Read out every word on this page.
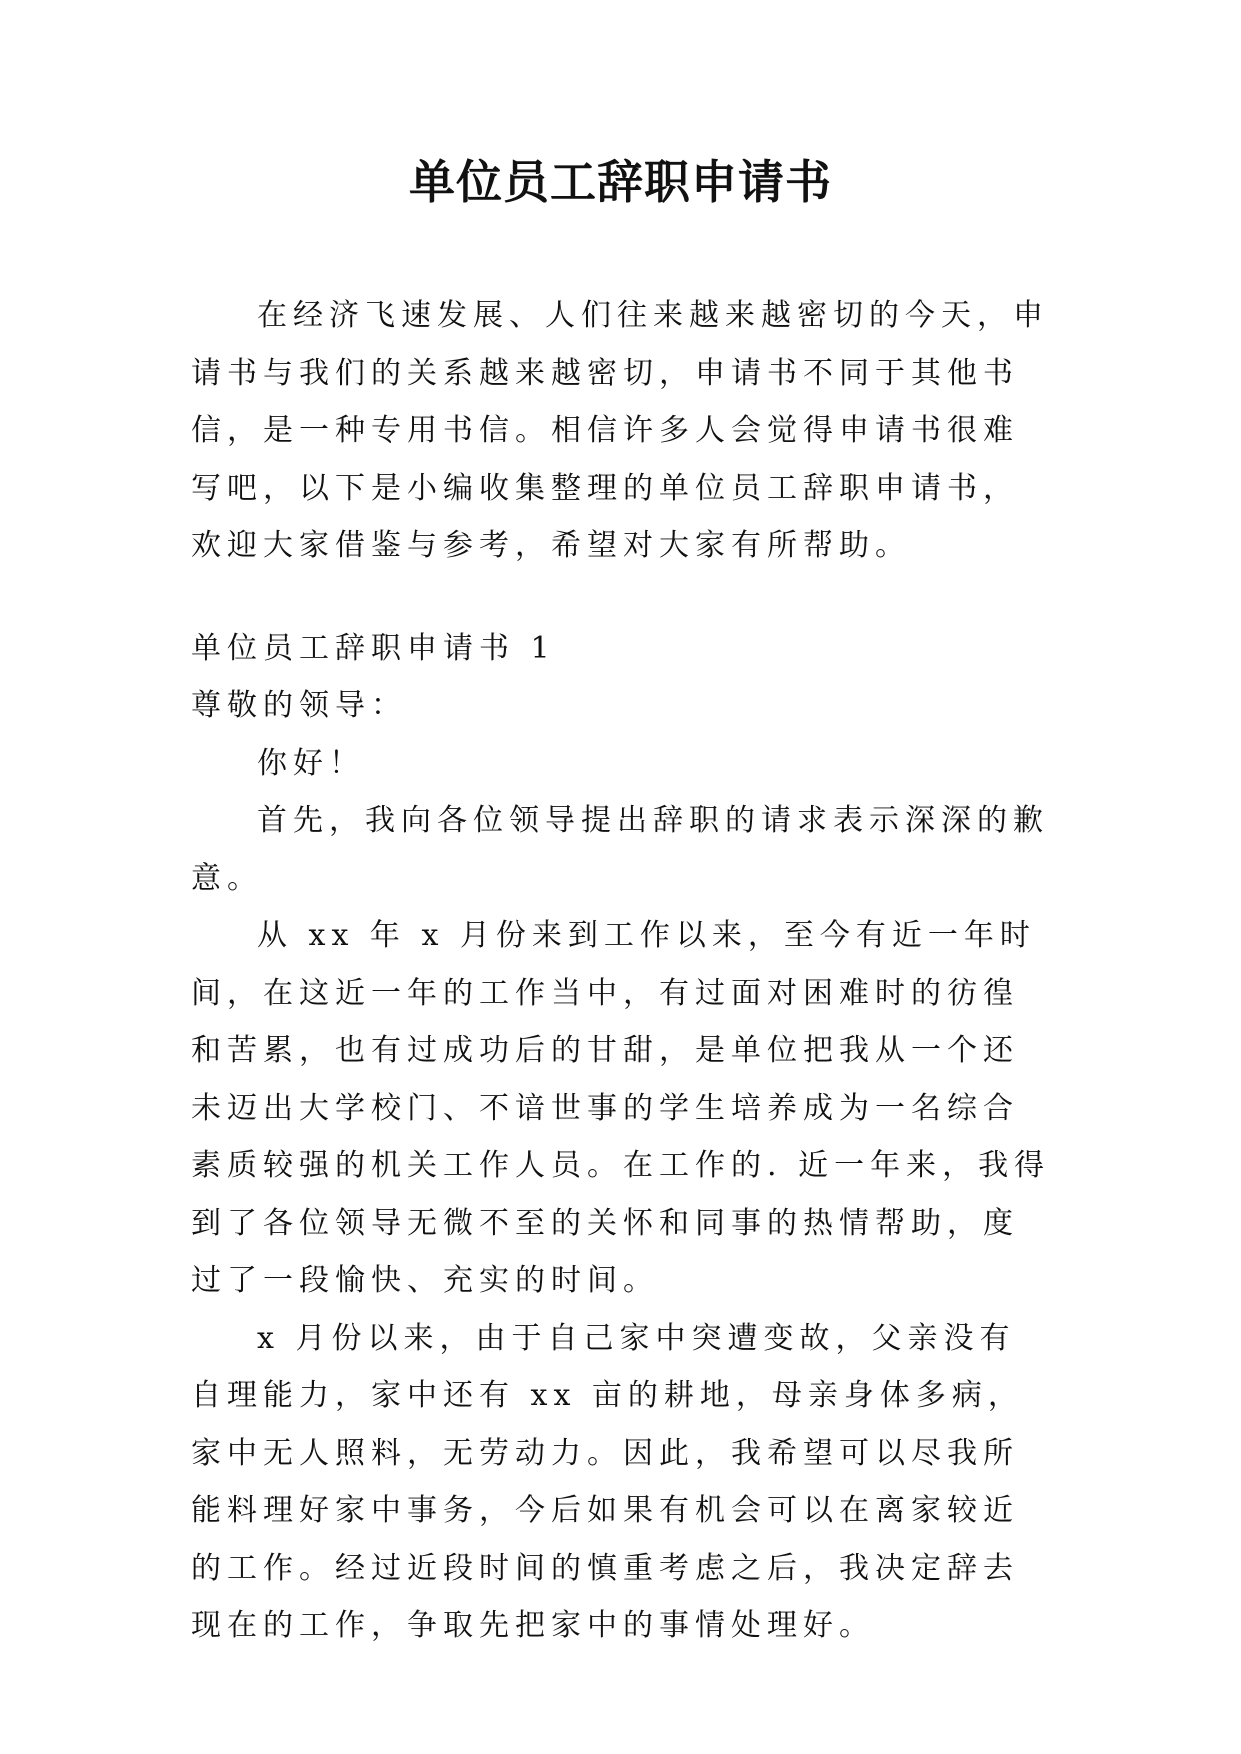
单位员工辞职申请书

在经济飞速发展、人们往来越来越密切的今天，申请书与我们的关系越来越密切，申请书不同于其他书信，是一种专用书信。相信许多人会觉得申请书很难写吧，以下是小编收集整理的单位员工辞职申请书，欢迎大家借鉴与参考，希望对大家有所帮助。

单位员工辞职申请书 1

尊敬的领导：

你好！

首先，我向各位领导提出辞职的请求表示深深的歉意。

从 xx 年 x 月份来到工作以来，至今有近一年时间，在这近一年的工作当中，有过面对困难时的彷徨和苦累，也有过成功后的甘甜，是单位把我从一个还未迈出大学校门、不谙世事的学生培养成为一名综合素质较强的机关工作人员。在工作的. 近一年来，我得到了各位领导无微不至的关怀和同事的热情帮助，度过了一段愉快、充实的时间。

x 月份以来，由于自己家中突遭变故，父亲没有自理能力，家中还有 xx 亩的耕地，母亲身体多病，家中无人照料，无劳动力。因此，我希望可以尽我所能料理好家中事务，今后如果有机会可以在离家较近的工作。经过近段时间的慎重考虑之后，我决定辞去现在的工作，争取先把家中的事情处理好。
